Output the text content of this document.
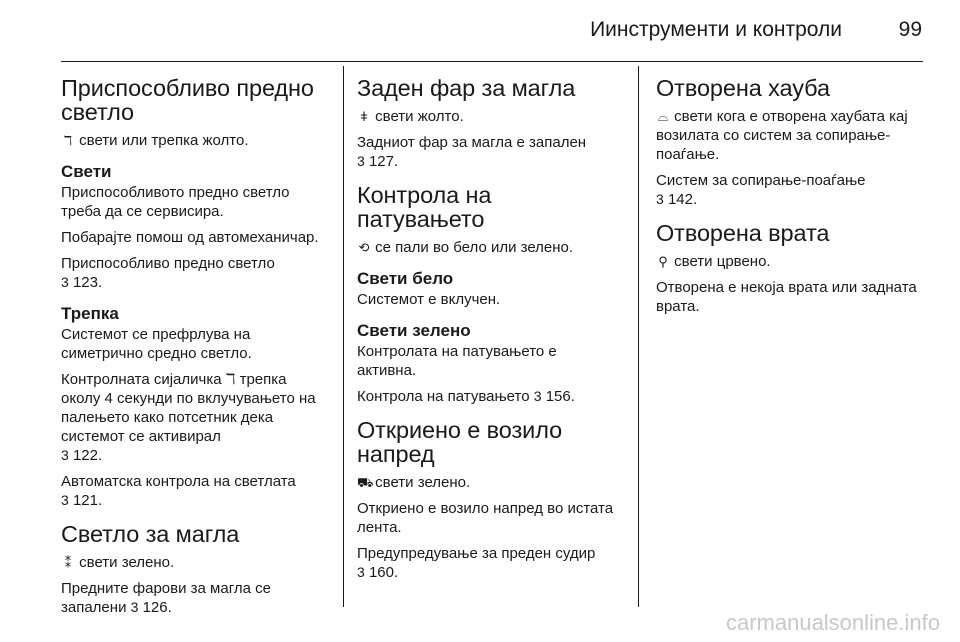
Иинструменти и контроли	99
Приспособливо предно светло

ℸ свети или трепка жолто.

Свети

Приспособливото предно светло треба да се сервисира.

Побарајте помош од автомеханичар.

Приспособливо предно светло
3 123.

Трепка

Системот се префрлува на симетрично средно светло.

Контролната сијаличка ℸ трепка околу 4 секунди по вклучувањето на палењето како потсетник дека системот се активирал
3 122.

Автоматска контрола на светлата
3 121.

Светло за магла

⁑ свети зелено.

Предните фарови за магла се запалени 3 126.

Заден фар за магла

ǂ свети жолто.

Задниот фар за магла е запален
3 127.

Контрола на патувањето

⟲ се пали во бело или зелено.

Свети бело

Системот е вклучен.

Свети зелено

Контролата на патувањето е активна.

Контрола на патувањето 3 156.

Откриено е возило напред

⛟ свети зелено.

Откриено е возило напред во истата лента.

Предупредување за преден судир
3 160.

Отворена хауба

⌓ свети кога е отворена хаубата кај возилата со систем за сопирање-поаѓање.

Систем за сопирање-поаѓање
3 142.

Отворена врата

⚲ свети црвено.

Отворена е некоја врата или задната врата.

carmanualsonline.info
